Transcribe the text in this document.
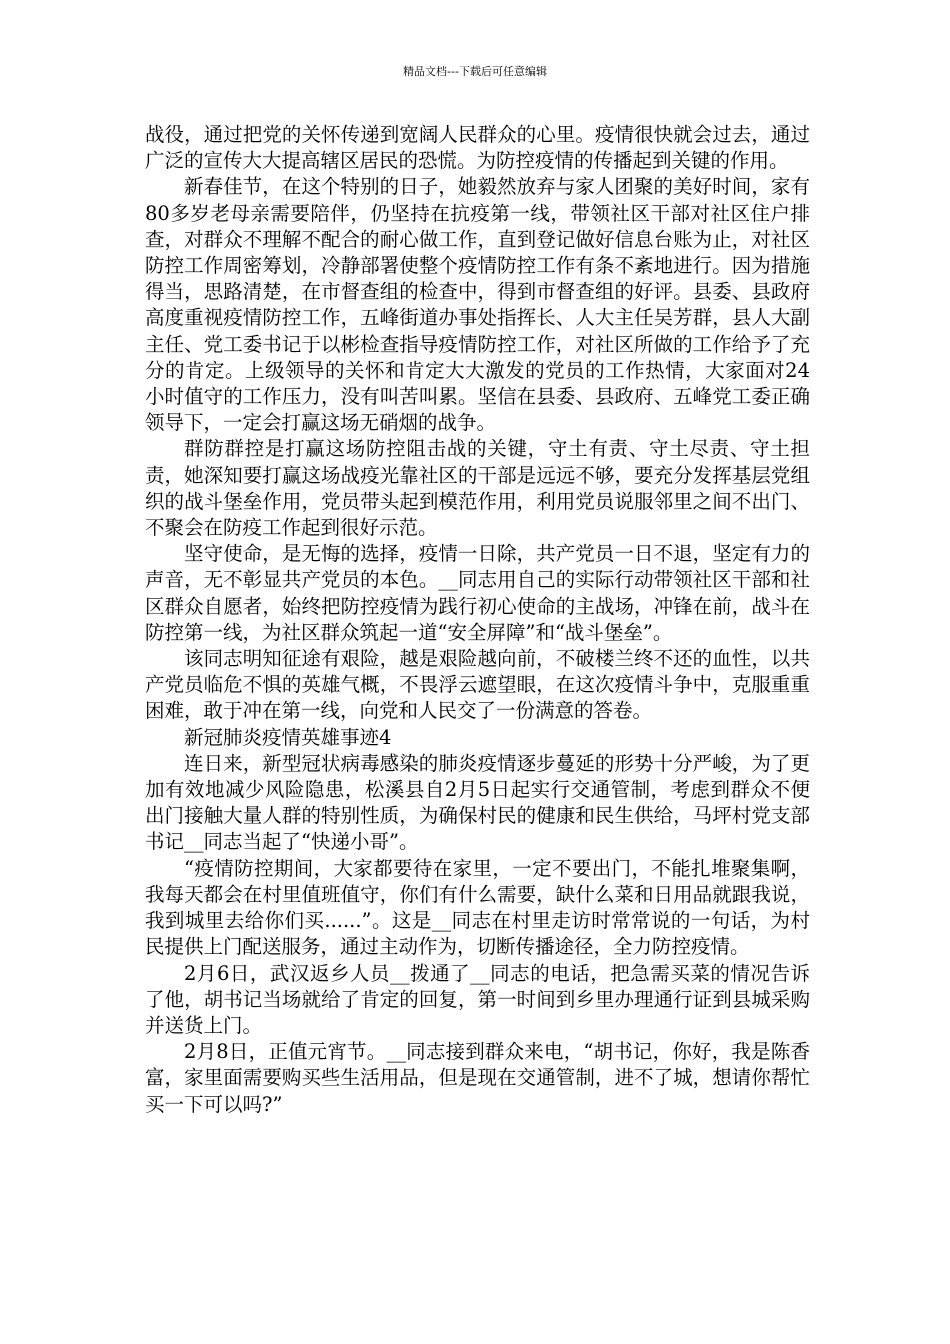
精品文档---下载后可任意编辑

战役，通过把党的关怀传递到宽阔人民群众的心里。疫情很快就会过去，通过广泛的宣传大大提高辖区居民的恐慌。为防控疫情的传播起到关键的作用。

新春佳节，在这个特别的日子，她毅然放弃与家人团聚的美好时间，家有80多岁老母亲需要陪伴，仍坚持在抗疫第一线，带领社区干部对社区住户排查，对群众不理解不配合的耐心做工作，直到登记做好信息台账为止，对社区防控工作周密筹划，冷静部署使整个疫情防控工作有条不紊地进行。因为措施得当，思路清楚，在市督查组的检查中，得到市督查组的好评。县委、县政府高度重视疫情防控工作，五峰街道办事处指挥长、人大主任吴芳群，县人大副主任、党工委书记于以彬检查指导疫情防控工作，对社区所做的工作给予了充分的肯定。上级领导的关怀和肯定大大激发的党员的工作热情，大家面对24小时值守的工作压力，没有叫苦叫累。坚信在县委、县政府、五峰党工委正确领导下，一定会打赢这场无硝烟的战争。

群防群控是打赢这场防控阻击战的关键，守土有责、守土尽责、守土担责，她深知要打赢这场战疫光靠社区的干部是远远不够，要充分发挥基层党组织的战斗堡垒作用，党员带头起到模范作用，利用党员说服邻里之间不出门、不聚会在防疫工作起到很好示范。

坚守使命，是无悔的选择，疫情一日除，共产党员一日不退，坚定有力的声音，无不彰显共产党员的本色。__同志用自己的实际行动带领社区干部和社区群众自愿者，始终把防控疫情为践行初心使命的主战场，冲锋在前，战斗在防控第一线，为社区群众筑起一道“安全屏障”和“战斗堡垒”。

该同志明知征途有艰险，越是艰险越向前，不破楼兰终不还的血性，以共产党员临危不惧的英雄气概，不畏浮云遮望眼，在这次疫情斗争中，克服重重困难，敢于冲在第一线，向党和人民交了一份满意的答卷。

新冠肺炎疫情英雄事迹4

连日来，新型冠状病毒感染的肺炎疫情逐步蔓延的形势十分严峻，为了更加有效地减少风险隐患，松溪县自2月5日起实行交通管制，考虑到群众不便出门接触大量人群的特别性质，为确保村民的健康和民生供给，马坪村党支部书记__同志当起了“快递小哥”。

“疫情防控期间，大家都要待在家里，一定不要出门，不能扎堆聚集啊，我每天都会在村里值班值守，你们有什么需要，缺什么菜和日用品就跟我说，我到城里去给你们买......”。这是__同志在村里走访时常常说的一句话，为村民提供上门配送服务，通过主动作为，切断传播途径，全力防控疫情。

2月6日，武汉返乡人员__拨通了__同志的电话，把急需买菜的情况告诉了他，胡书记当场就给了肯定的回复，第一时间到乡里办理通行证到县城采购并送货上门。

2月8日，正值元宵节。__同志接到群众来电，“胡书记，你好，我是陈香富，家里面需要购买些生活用品，但是现在交通管制，进不了城，想请你帮忙买一下可以吗?”
